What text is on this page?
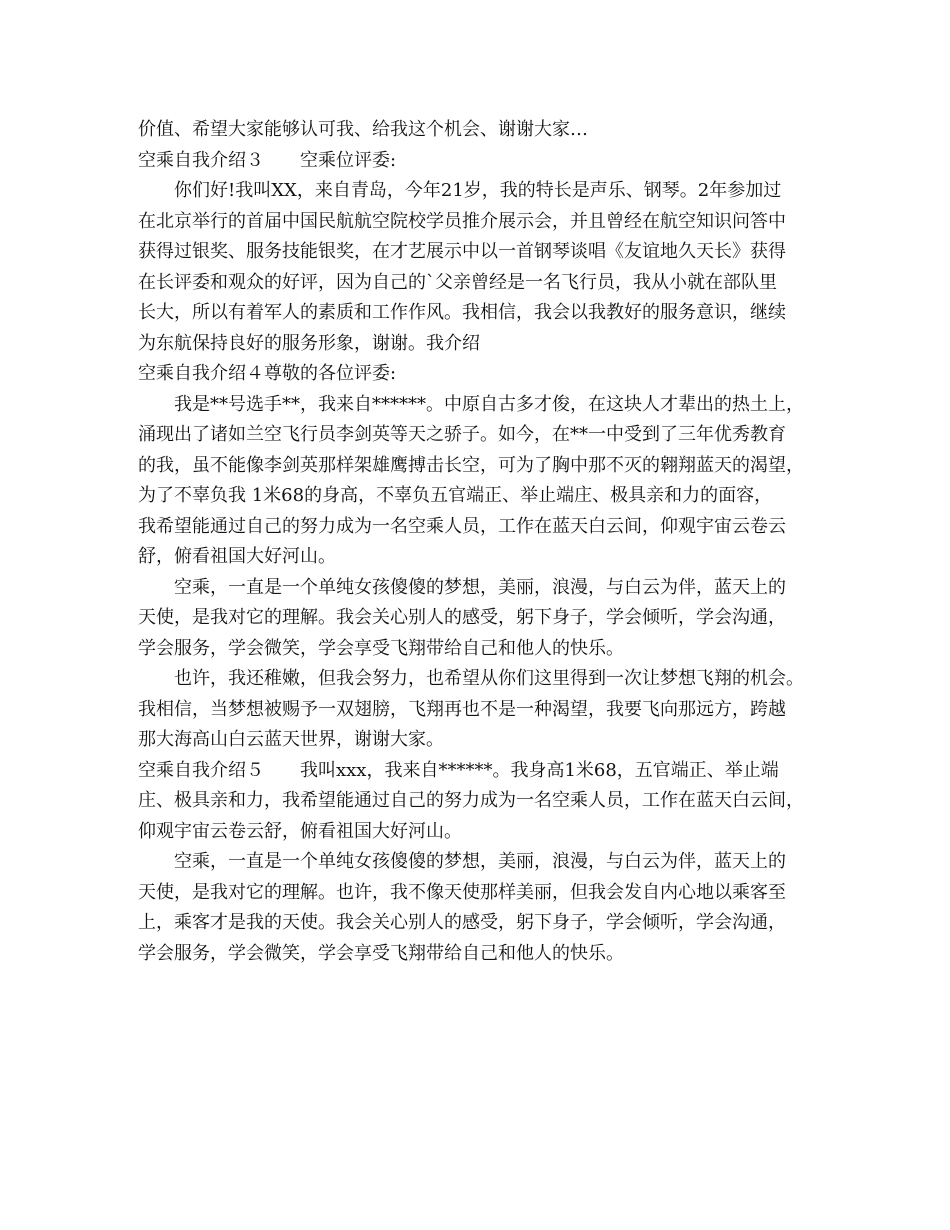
价值、希望大家能够认可我、给我这个机会、谢谢大家…
空乘自我介绍３　　空乘位评委:
你们好!我叫XX，来自青岛，今年21岁，我的特长是声乐、钢琴。2年参加过
在北京举行的首届中国民航航空院校学员推介展示会，并且曾经在航空知识问答中
获得过银奖、服务技能银奖，在才艺展示中以一首钢琴谈唱《友谊地久天长》获得
在长评委和观众的好评，因为自己的`父亲曾经是一名飞行员，我从小就在部队里
长大，所以有着军人的素质和工作作风。我相信，我会以我教好的服务意识，继续
为东航保持良好的服务形象，谢谢。我介绍
空乘自我介绍４尊敬的各位评委:
我是**号选手**，我来自******。中原自古多才俊，在这块人才辈出的热土上，
涌现出了诸如兰空飞行员李剑英等天之骄子。如今，在**一中受到了三年优秀教育
的我，虽不能像李剑英那样架雄鹰搏击长空，可为了胸中那不灭的翱翔蓝天的渴望，
为了不辜负我 1米68的身高，不辜负五官端正、举止端庄、极具亲和力的面容，
我希望能通过自己的努力成为一名空乘人员，工作在蓝天白云间，仰观宇宙云卷云
舒，俯看祖国大好河山。
空乘，一直是一个单纯女孩傻傻的梦想，美丽，浪漫，与白云为伴，蓝天上的
天使，是我对它的理解。我会关心别人的感受，躬下身子，学会倾听，学会沟通，
学会服务，学会微笑，学会享受飞翔带给自己和他人的快乐。
也许，我还稚嫩，但我会努力，也希望从你们这里得到一次让梦想飞翔的机会。
我相信，当梦想被赐予一双翅膀，飞翔再也不是一种渴望，我要飞向那远方，跨越
那大海高山白云蓝天世界，谢谢大家。
空乘自我介绍５　　我叫xxx，我来自******。我身高1米68，五官端正、举止端
庄、极具亲和力，我希望能通过自己的努力成为一名空乘人员，工作在蓝天白云间，
仰观宇宙云卷云舒，俯看祖国大好河山。
空乘，一直是一个单纯女孩傻傻的梦想，美丽，浪漫，与白云为伴，蓝天上的
天使，是我对它的理解。也许，我不像天使那样美丽，但我会发自内心地以乘客至
上，乘客才是我的天使。我会关心别人的感受，躬下身子，学会倾听，学会沟通，
学会服务，学会微笑，学会享受飞翔带给自己和他人的快乐。
